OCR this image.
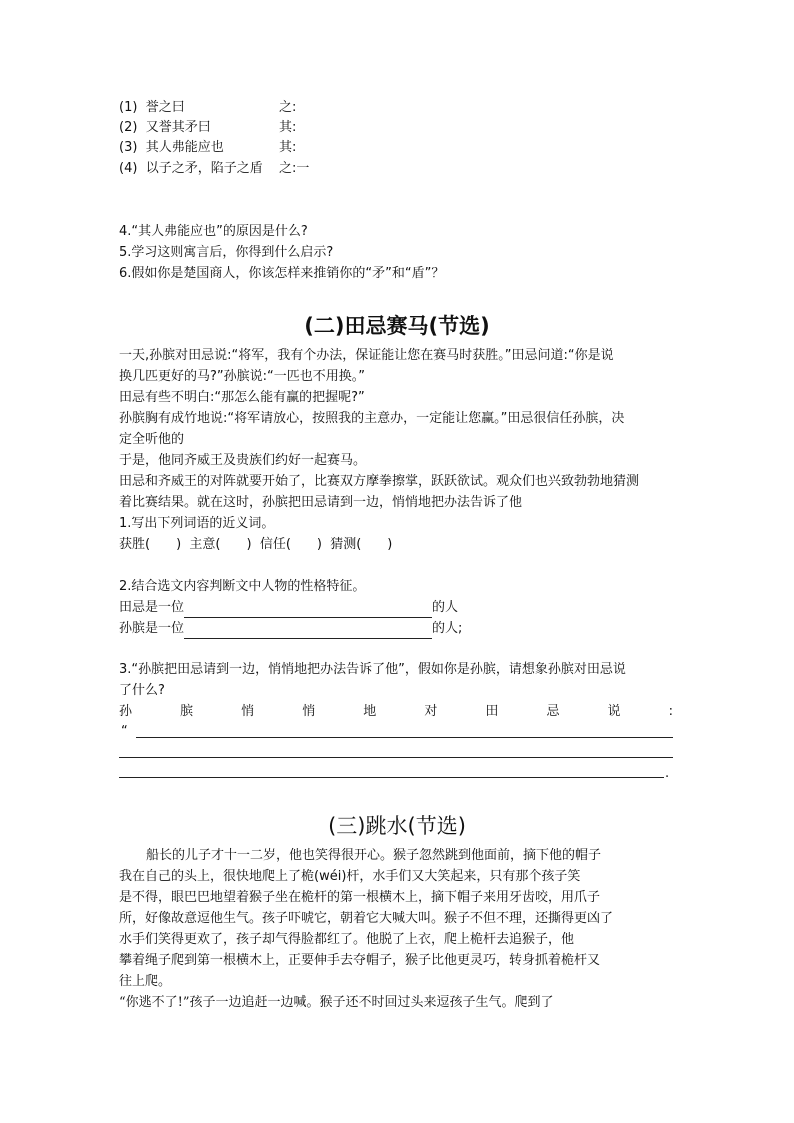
(1) 誉之曰	之:
(2) 又誉其矛曰	其:
(3) 其人弗能应也	其:
(4) 以子之矛，陷子之盾 之:一
4.“其人弗能应也”的原因是什么?
5.学习这则寓言后，你得到什么启示?
6.假如你是楚国商人，你该怎样来推销你的“矛”和“盾”？
(二)田忌赛马(节选)
一天,孙膑对田忌说:“将军，我有个办法，保证能让您在赛马时获胜。”田忌问道:“你是说
换几匹更好的马?”孙膑说:“一匹也不用换。”
田忌有些不明白:“那怎么能有赢的把握呢?”
孙膑胸有成竹地说:“将军请放心，按照我的主意办，一定能让您赢。”田忌很信任孙膑，决
定全听他的
于是，他同齐威王及贵族们约好一起赛马。
田忌和齐威王的对阵就要开始了，比赛双方摩拳擦掌，跃跃欲试。观众们也兴致勃勃地猜测
着比赛结果。就在这时，孙膑把田忌请到一边，悄悄地把办法告诉了他
1.写出下列词语的近义词。
获胜(　　)  主意(　　)  信任(　　)  猜测(　　)
2.结合选文内容判断文中人物的性格特征。
田忌是一位	的人
孙膑是一位	的人;
3.“孙膑把田忌请到一边，悄悄地把办法告诉了他”，假如你是孙膑，请想象孙膑对田忌说
了什么?
孙	膑	悄	悄	地	对	田	忌	说	:
“
.
(三)跳水(节选)
船长的儿子才十一二岁，他也笑得很开心。猴子忽然跳到他面前，摘下他的帽子
我在自己的头上，很快地爬上了桅(wéi)杆，水手们又大笑起来，只有那个孩子笑
是不得，眼巴巴地望着猴子坐在桅杆的第一根横木上，摘下帽子来用牙齿咬，用爪子
所，好像故意逗他生气。孩子吓唬它，朝着它大喊大叫。猴子不但不理，还撕得更凶了
水手们笑得更欢了，孩子却气得脸都红了。他脱了上衣，爬上桅杆去追猴子，他
攀着绳子爬到第一根横木上，正要伸手去夺帽子，猴子比他更灵巧，转身抓着桅杆又
往上爬。
“你逃不了!”孩子一边追赶一边喊。猴子还不时回过头来逗孩子生气。爬到了
